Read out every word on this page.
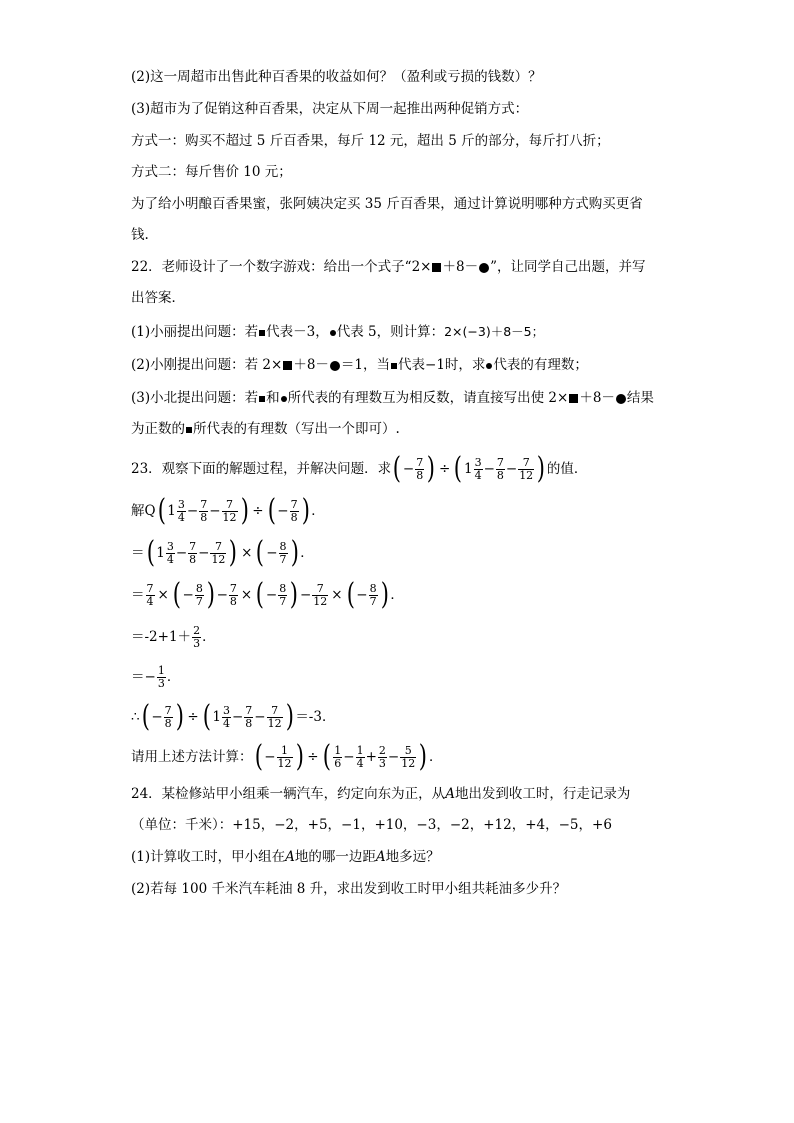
(2)这一周超市出售此种百香果的收益如何？（盈利或亏损的钱数）？
(3)超市为了促销这种百香果，决定从下周一起推出两种促销方式：
方式一：购买不超过 5 斤百香果，每斤 12 元，超出 5 斤的部分，每斤打八折；
方式二：每斤售价 10 元；
为了给小明酿百香果蜜，张阿姨决定买 35 斤百香果，通过计算说明哪种方式购买更省
钱.
22．老师设计了一个数字游戏：给出一个式子“2× ＋8－ ”，让同学自己出题，并写
出答案．
(1)小丽提出问题：若 代表－3， 代表 5，则计算：2×(−3)＋8－5；
(2)小刚提出问题：若 2× ＋8－ ＝1，当 代表−1时，求 代表的有理数；
(3)小北提出问题：若 和 所代表的有理数互为相反数，请直接写出使 2× ＋8－ 结果
为正数的 所代表的有理数（写出一个即可）.
23．观察下面的解题过程，并解决问题．求 ( − $\frac{7}{8}$ ) ÷ ( $1 \frac{3}{4} - \frac{7}{8} - \frac{7}{12}$ ) 的值．
解 Q ( $1 \frac{3}{4} - \frac{7}{8} - \frac{7}{12}$ ) ÷ ( − $\frac{7}{8}$ ) ．
＝ ( $1 \frac{3}{4} - \frac{7}{8} - \frac{7}{12}$ ) × ( − $\frac{8}{7}$ ) ．
＝ $\frac{7}{4}$ × ( − $\frac{8}{7}$ ) − $\frac{7}{8}$ × ( − $\frac{8}{7}$ ) − $\frac{7}{12}$ × ( − $\frac{8}{7}$ ) ．
$=-2+1+ \frac{2}{3}$ ．
＝ − $\frac{1}{3}$ ．
∴ ( − $\frac{7}{8}$ ) ÷ ( $1 \frac{3}{4} - \frac{7}{8} - \frac{7}{12}$ ) ＝-3．
请用上述方法计算： ( − $\frac{1}{12}$ ) ÷ ( $\frac{1}{6} - \frac{1}{4} + \frac{2}{3} - \frac{5}{12}$ ) ．
24．某检修站甲小组乘一辆汽车，约定向东为正，从A地出发到收工时，行走记录为
（单位：千米）：+15，−2，+5，−1，+10，−3，−2，+12，+4，−5，+6
(1)计算收工时，甲小组在A地的哪一边距A地多远？
(2)若每 100 千米汽车耗油 8 升，求出发到收工时甲小组共耗油多少升？
